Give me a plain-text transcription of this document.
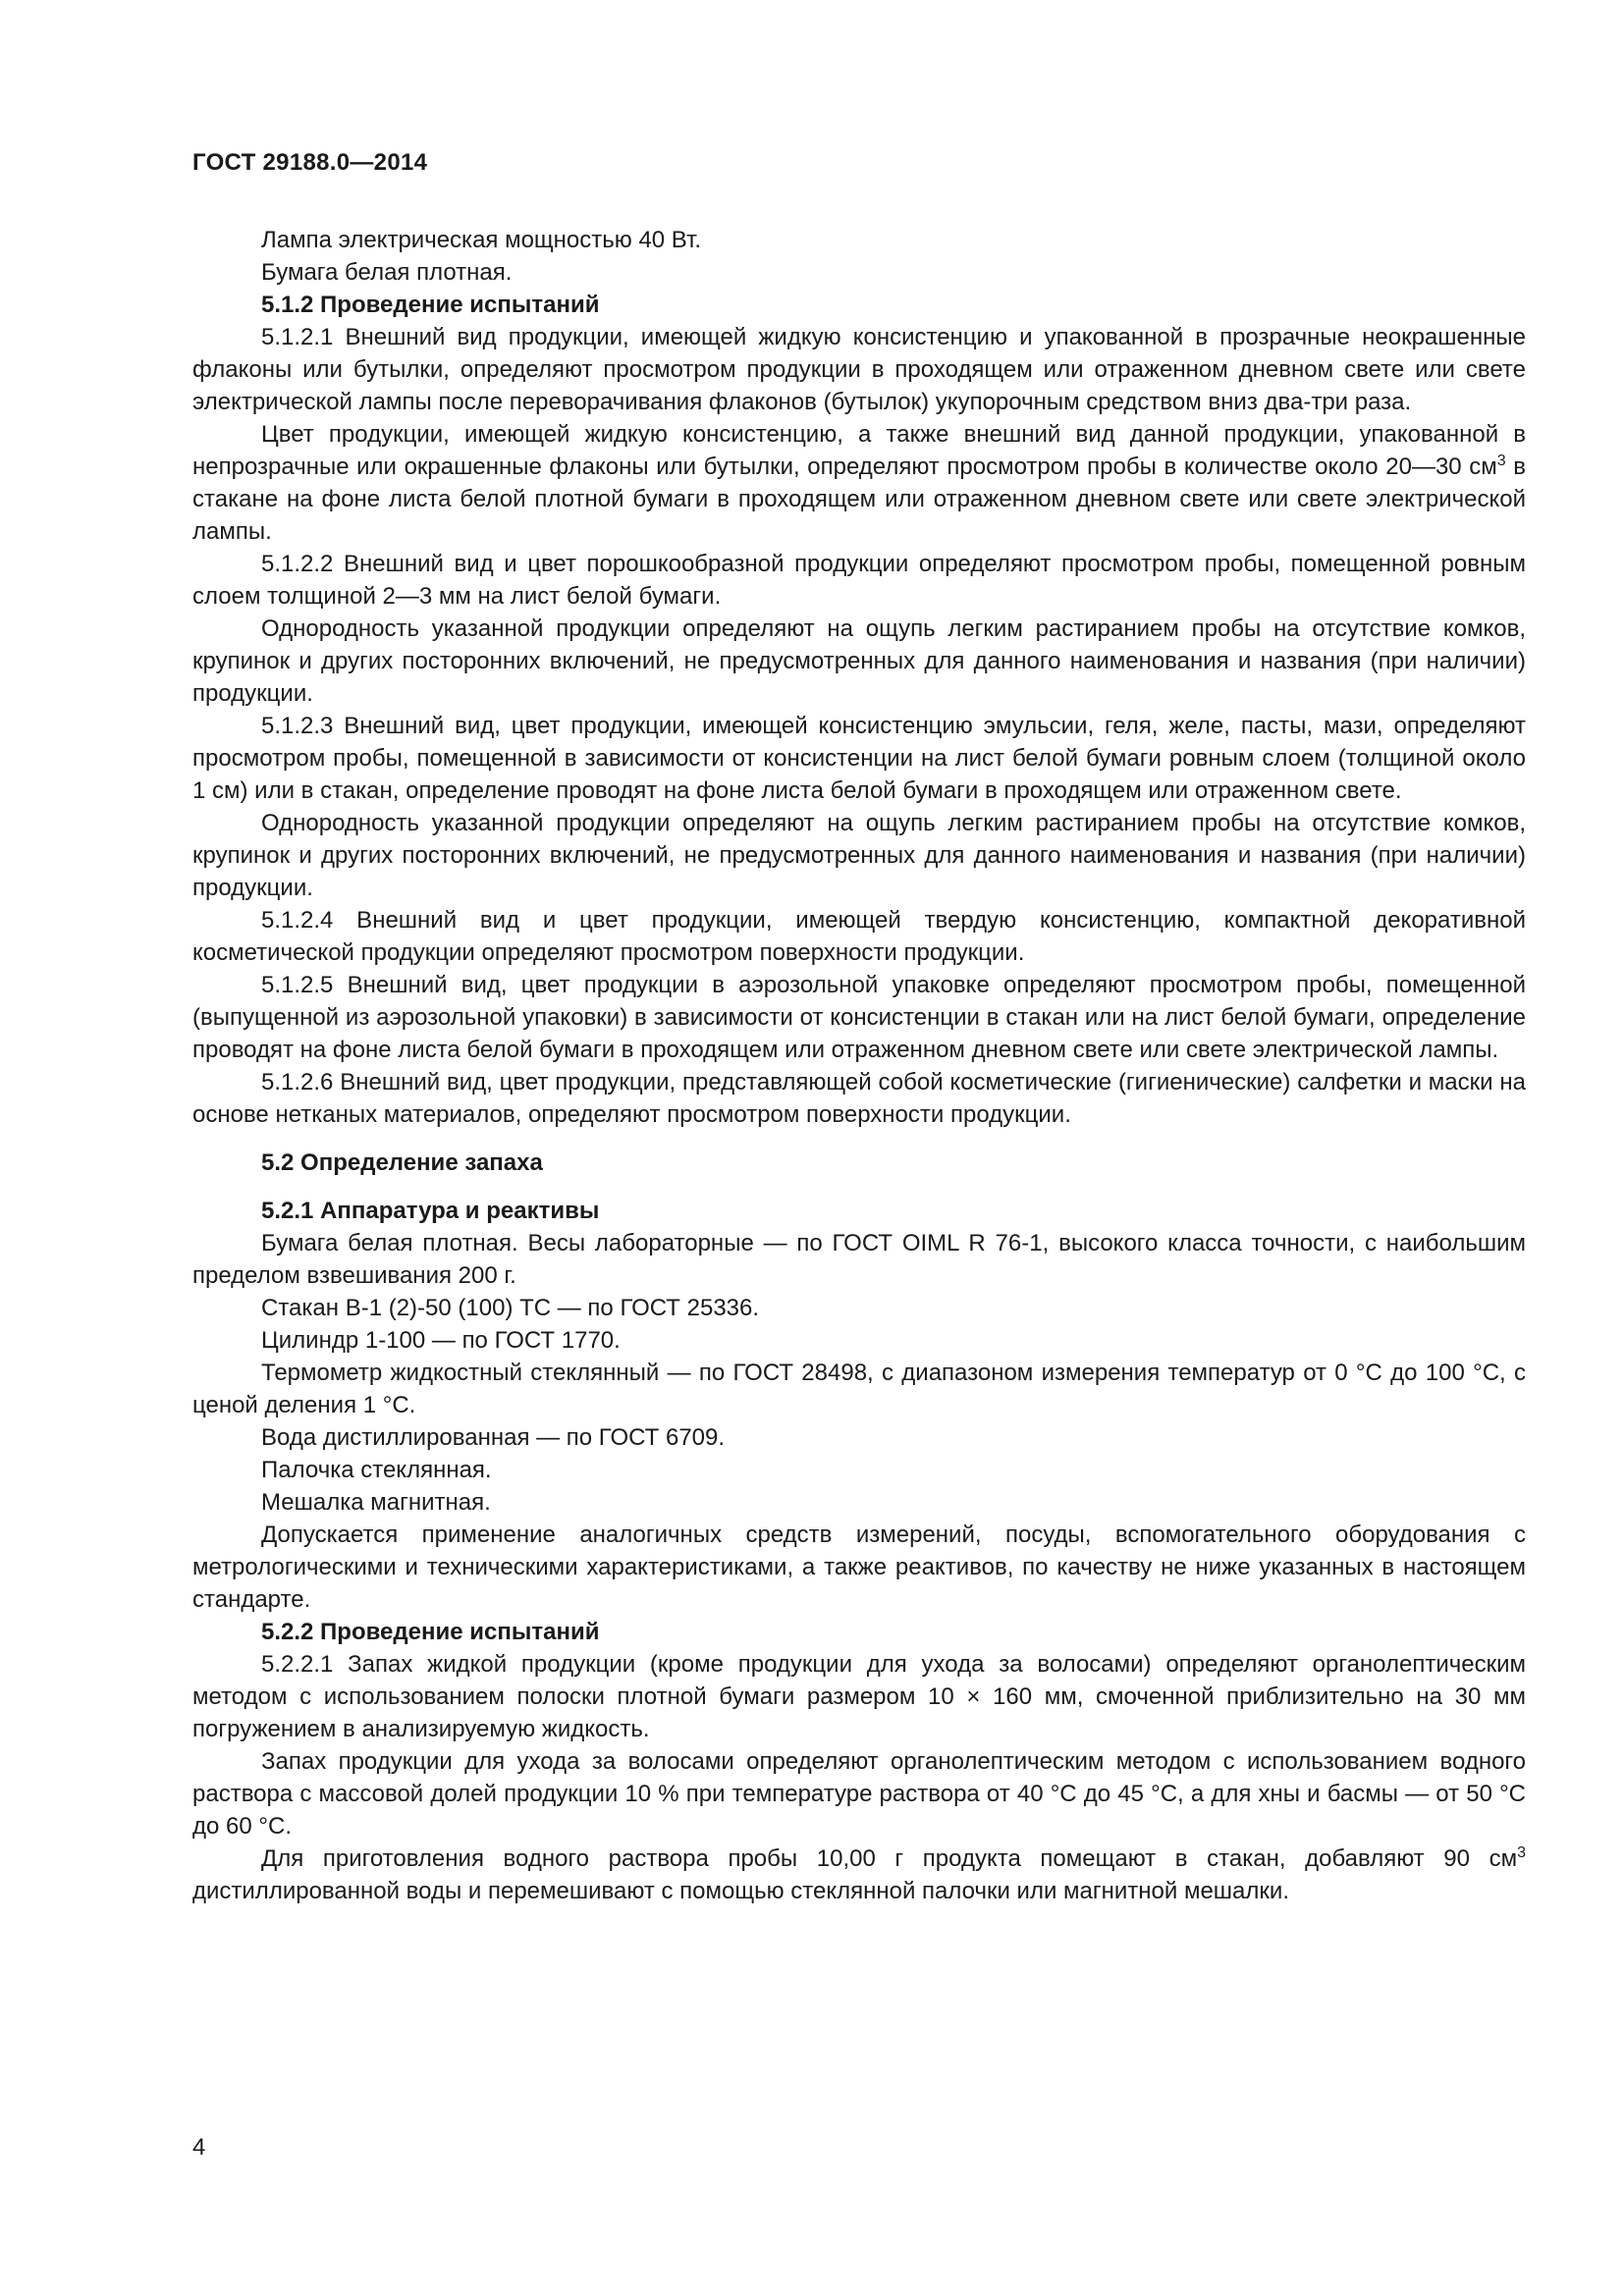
ГОСТ 29188.0—2014

Лампа электрическая мощностью 40 Вт.

Бумага белая плотная.

5.1.2 Проведение испытаний

5.1.2.1 Внешний вид продукции, имеющей жидкую консистенцию и упакованной в прозрачные неокрашенные флаконы или бутылки, определяют просмотром продукции в проходящем или отраженном дневном свете или свете электрической лампы после переворачивания флаконов (бутылок) укупорочным средством вниз два-три раза.

Цвет продукции, имеющей жидкую консистенцию, а также внешний вид данной продукции, упакованной в непрозрачные или окрашенные флаконы или бутылки, определяют просмотром пробы в количестве около 20—30 $см^3$ в стакане на фоне листа белой плотной бумаги в проходящем или отраженном дневном свете или свете электрической лампы.

5.1.2.2 Внешний вид и цвет порошкообразной продукции определяют просмотром пробы, помещенной ровным слоем толщиной 2—3 мм на лист белой бумаги.

Однородность указанной продукции определяют на ощупь легким растиранием пробы на отсутствие комков, крупинок и других посторонних включений, не предусмотренных для данного наименования и названия (при наличии) продукции.

5.1.2.3 Внешний вид, цвет продукции, имеющей консистенцию эмульсии, геля, желе, пасты, мази, определяют просмотром пробы, помещенной в зависимости от консистенции на лист белой бумаги ровным слоем (толщиной около 1 см) или в стакан, определение проводят на фоне листа белой бумаги в проходящем или отраженном свете.

Однородность указанной продукции определяют на ощупь легким растиранием пробы на отсутствие комков, крупинок и других посторонних включений, не предусмотренных для данного наименования и названия (при наличии) продукции.

5.1.2.4 Внешний вид и цвет продукции, имеющей твердую консистенцию, компактной декоративной косметической продукции определяют просмотром поверхности продукции.

5.1.2.5 Внешний вид, цвет продукции в аэрозольной упаковке определяют просмотром пробы, помещенной (выпущенной из аэрозольной упаковки) в зависимости от консистенции в стакан или на лист белой бумаги, определение проводят на фоне листа белой бумаги в проходящем или отраженном дневном свете или свете электрической лампы.

5.1.2.6 Внешний вид, цвет продукции, представляющей собой косметические (гигиенические) салфетки и маски на основе нетканых материалов, определяют просмотром поверхности продукции.

5.2 Определение запаха

5.2.1 Аппаратура и реактивы

Бумага белая плотная. Весы лабораторные — по ГОСТ OIML R 76-1, высокого класса точности, с наибольшим пределом взвешивания 200 г.

Стакан В-1 (2)-50 (100) ТС — по ГОСТ 25336.

Цилиндр 1-100 — по ГОСТ 1770.

Термометр жидкостный стеклянный — по ГОСТ 28498, с диапазоном измерения температур от 0 °С до 100 °С, с ценой деления 1 °С.

Вода дистиллированная — по ГОСТ 6709.

Палочка стеклянная.

Мешалка магнитная.

Допускается применение аналогичных средств измерений, посуды, вспомогательного оборудования с метрологическими и техническими характеристиками, а также реактивов, по качеству не ниже указанных в настоящем стандарте.

5.2.2 Проведение испытаний

5.2.2.1 Запах жидкой продукции (кроме продукции для ухода за волосами) определяют органолептическим методом с использованием полоски плотной бумаги размером 10 × 160 мм, смоченной приблизительно на 30 мм погружением в анализируемую жидкость.

Запах продукции для ухода за волосами определяют органолептическим методом с использованием водного раствора с массовой долей продукции 10 % при температуре раствора от 40 °С до 45 °С, а для хны и басмы — от 50 °С до 60 °С.

Для приготовления водного раствора пробы 10,00 г продукта помещают в стакан, добавляют 90 $см^3$ дистиллированной воды и перемешивают с помощью стеклянной палочки или магнитной мешалки.

4
